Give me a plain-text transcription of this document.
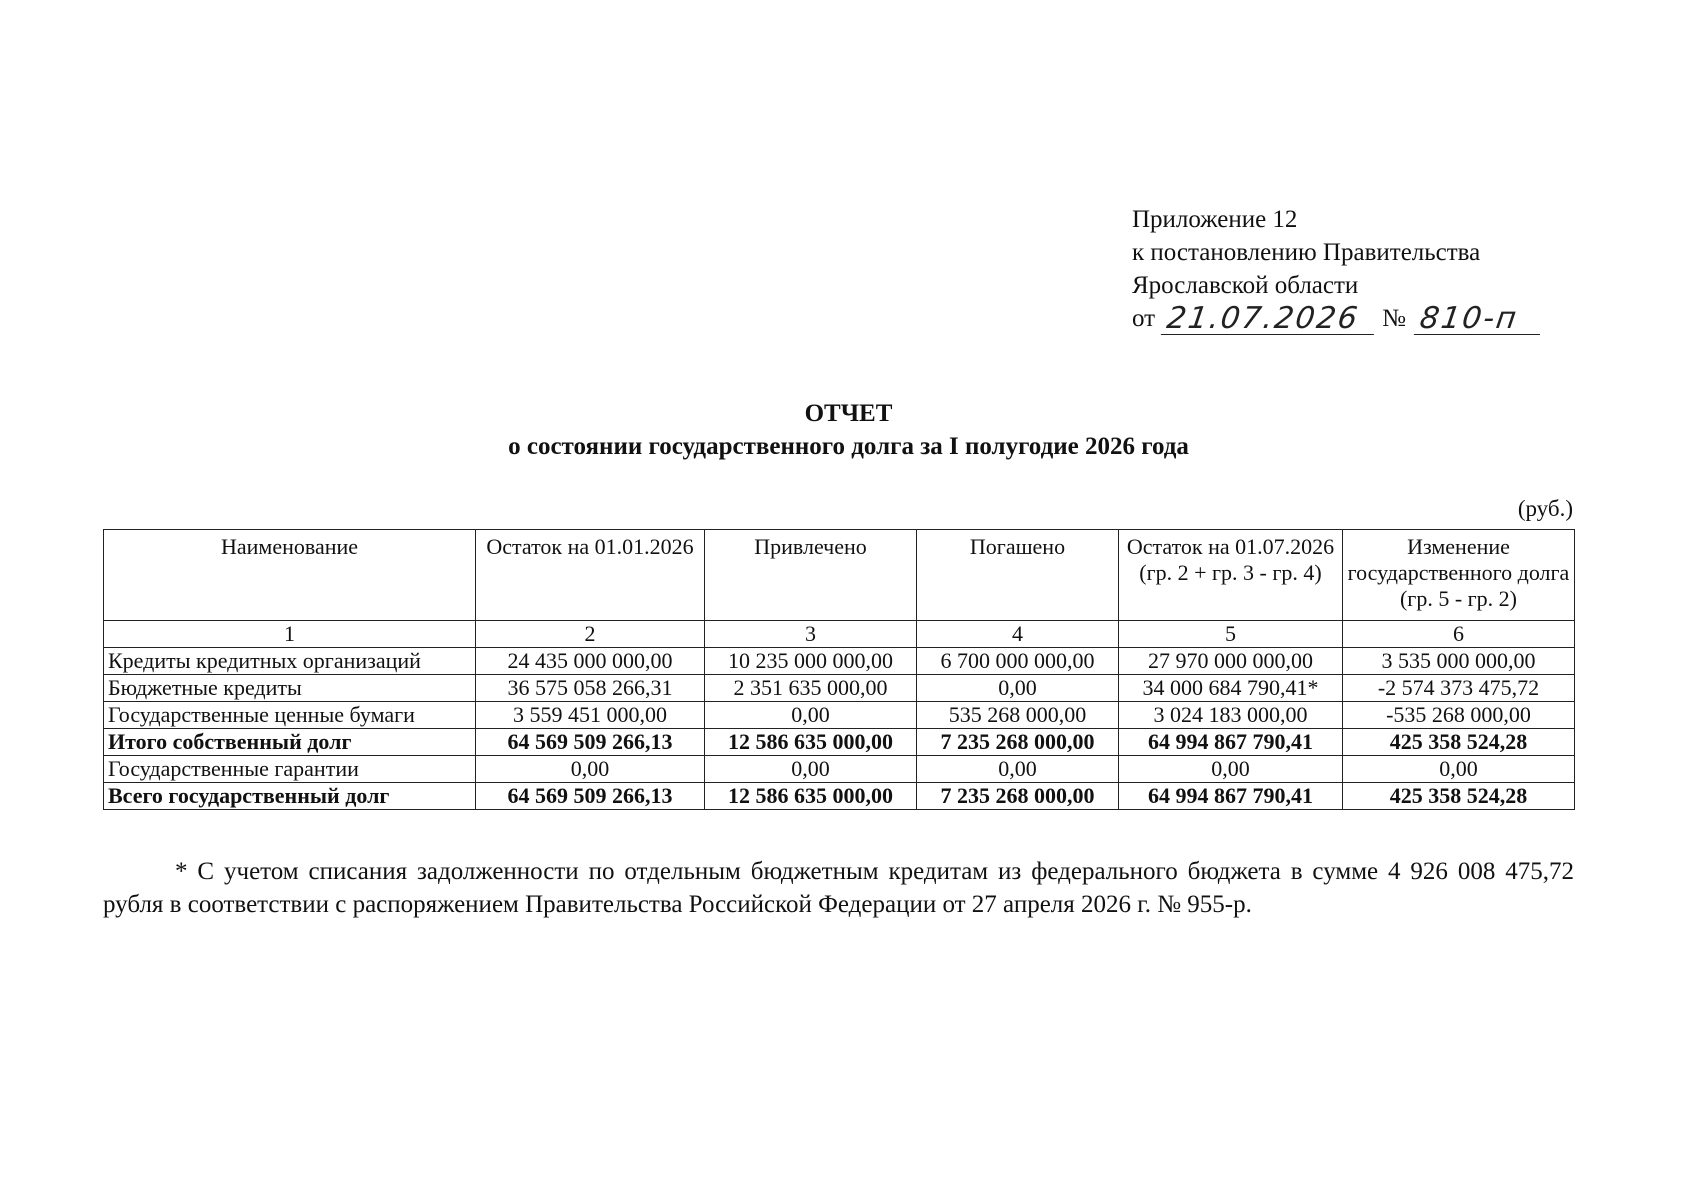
Приложение 12
к постановлению Правительства
Ярославской области
от 21.07.2026 № 810-п
ОТЧЕТ
о состоянии государственного долга за I полугодие 2026 года
(руб.)
Наименование	Остаток на 01.01.2026	Привлечено	Погашено	Остаток на 01.07.2026 (гр. 2 + гр. 3 - гр. 4)	Изменение государственного долга (гр. 5 - гр. 2)
1	2	3	4	5	6
Кредиты кредитных организаций	24 435 000 000,00	10 235 000 000,00	6 700 000 000,00	27 970 000 000,00	3 535 000 000,00
Бюджетные кредиты	36 575 058 266,31	2 351 635 000,00	0,00	34 000 684 790,41*	-2 574 373 475,72
Государственные ценные бумаги	3 559 451 000,00	0,00	535 268 000,00	3 024 183 000,00	-535 268 000,00
Итого собственный долг	64 569 509 266,13	12 586 635 000,00	7 235 268 000,00	64 994 867 790,41	425 358 524,28
Государственные гарантии	0,00	0,00	0,00	0,00	0,00
Всего государственный долг	64 569 509 266,13	12 586 635 000,00	7 235 268 000,00	64 994 867 790,41	425 358 524,28
* С учетом списания задолженности по отдельным бюджетным кредитам из федерального бюджета в сумме 4 926 008 475,72 рубля в соответствии с распоряжением Правительства Российской Федерации от 27 апреля 2026 г. № 955-р.
